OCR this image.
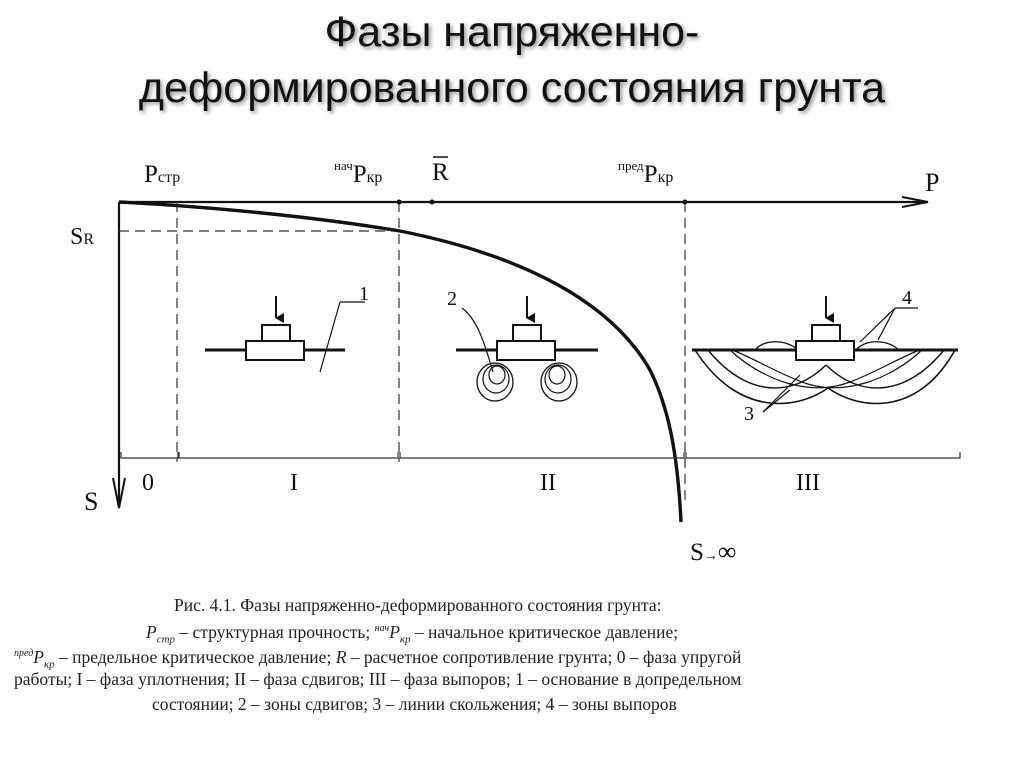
Фазы напряженно-
деформированного состояния грунта
P
S
Pстр
$^{нач}$Pкр R	$^{пред}$Pкр
SR
S→∞
0	I	II	III
1	2	4
3
Рис. 4.1. Фазы напряженно-деформированного состояния грунта:
$P_{стр}$ – структурная прочность; $^{нач}P_{кр}$ – начальное критическое давление;
$^{пред}P_{кр}$ – предельное критическое давление; R – расчетное сопротивление грунта; 0 – фаза упругой
работы; I – фаза уплотнения; II – фаза сдвигов; III – фаза выпоров; 1 – основание в допредельном
состоянии; 2 – зоны сдвигов; 3 – линии скольжения; 4 – зоны выпоров
